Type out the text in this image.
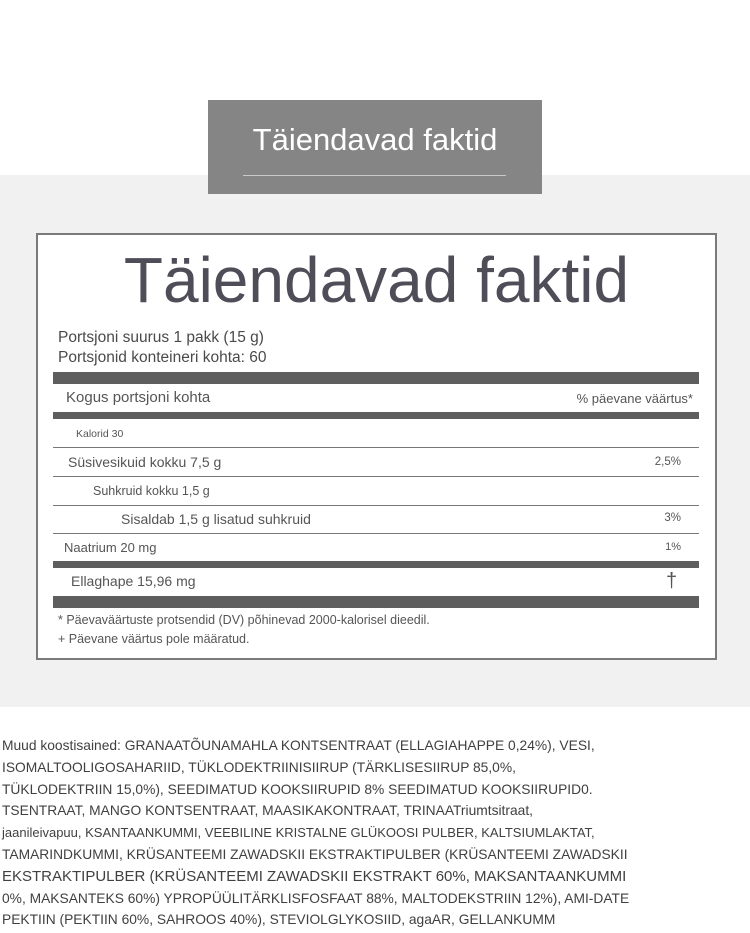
Täiendavad faktid
Täiendavad faktid
Portsjoni suurus 1 pakk (15 g)
Portsjonid konteineri kohta: 60
Kogus portsjoni kohta	% päevane väärtus*
Kalorid 30
Süsivesikuid kokku 7,5 g	2,5%
Suhkruid kokku 1,5 g
Sisaldab 1,5 g lisatud suhkruid	3%
Naatrium 20 mg	1%
Ellaghape 15,96 mg	†
* Päevaväärtuste protsendid (DV) põhinevad 2000-kalorisel dieedil.
+ Päevane väärtus pole määratud.
Muud koostisained: GRANAATÕUNAMAHLA KONTSENTRAAT (ELLAGIAHAPPE 0,24%), VESI,
ISOMALTOOLIGOSAHARIID, TÜKLODEKTRIINISIIRUP (TÄRKLISESIIRUP 85,0%,
TÜKLODEKTRIIN 15,0%), SEEDIMATUD KOOKSIIRUPID 8% SEEDIMATUD KOOKSIIRUPID0.
TSENTRAAT, MANGO KONTSENTRAAT, MAASIKAKONTRAAT, TRINAATriumtsitraat,
jaanileivapuu, KSANTAANKUMMI, VEEBILINE KRISTALNE GLÜKOOSI PULBER, KALTSIUMLAKTAT,
TAMARINDKUMMI, KRÜSANTEEMI ZAWADSKII EKSTRAKTIPULBER (KRÜSANTEEMI ZAWADSKII
EKSTRAKTIPULBER (KRÜSANTEEMI ZAWADSKII EKSTRAKT 60%, MAKSANTAANKUMMI
0%, MAKSANTEKS 60%) YPROPÜÜLITÄRKLISFOSFAAT 88%, MALTODEKSTRIIN 12%), AMI-DATE
PEKTIIN (PEKTIIN 60%, SAHROOS 40%), STEVIOLGLYKOSIID, agaAR, GELLANKUMM
